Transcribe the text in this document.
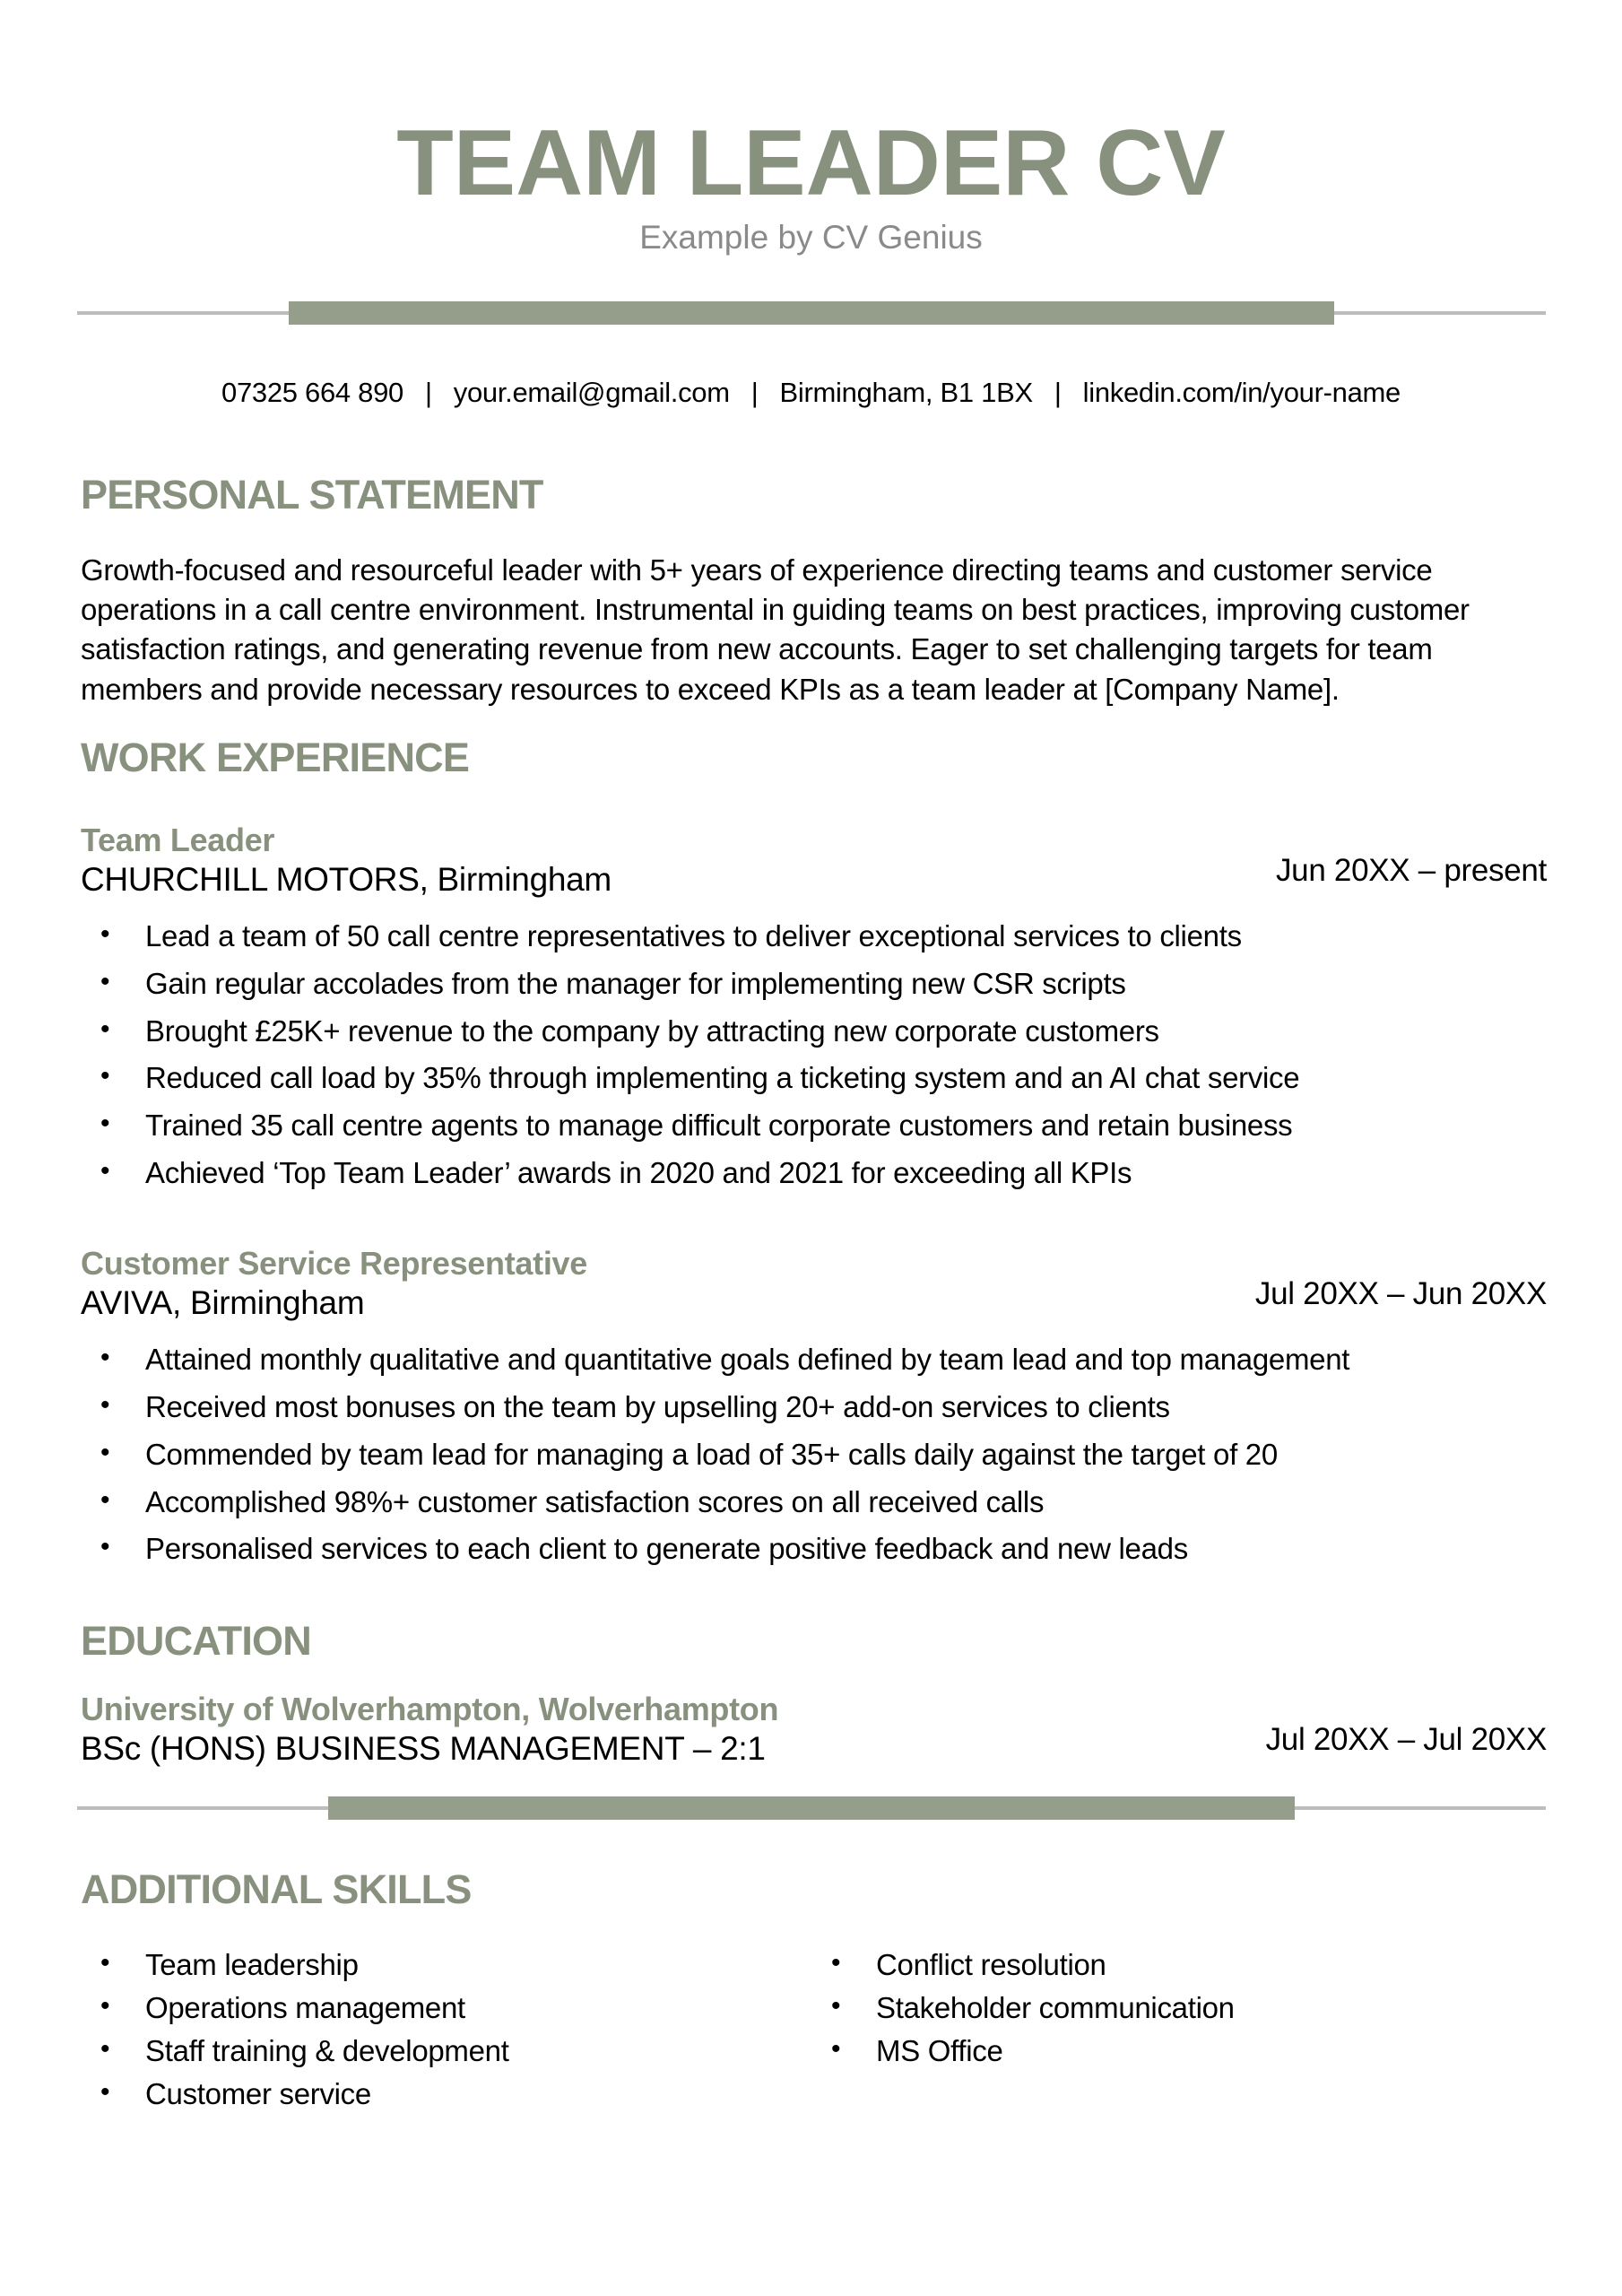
TEAM LEADER CV
Example by CV Genius
07325 664 890 | your.email@gmail.com | Birmingham, B1 1BX | linkedin.com/in/your-name
PERSONAL STATEMENT

Growth-focused and resourceful leader with 5+ years of experience directing teams and customer service operations in a call centre environment. Instrumental in guiding teams on best practices, improving customer satisfaction ratings, and generating revenue from new accounts. Eager to set challenging targets for team members and provide necessary resources to exceed KPIs as a team leader at [Company Name].

WORK EXPERIENCE
Team Leader
CHURCHILL MOTORS, Birmingham	Jun 20XX – present
•	Lead a team of 50 call centre representatives to deliver exceptional services to clients
•	Gain regular accolades from the manager for implementing new CSR scripts
•	Brought £25K+ revenue to the company by attracting new corporate customers
•	Reduced call load by 35% through implementing a ticketing system and an AI chat service
•	Trained 35 call centre agents to manage difficult corporate customers and retain business
•	Achieved ‘Top Team Leader’ awards in 2020 and 2021 for exceeding all KPIs
Customer Service Representative
AVIVA, Birmingham	Jul 20XX – Jun 20XX
•	Attained monthly qualitative and quantitative goals defined by team lead and top management
•	Received most bonuses on the team by upselling 20+ add-on services to clients
•	Commended by team lead for managing a load of 35+ calls daily against the target of 20
•	Accomplished 98%+ customer satisfaction scores on all received calls
•	Personalised services to each client to generate positive feedback and new leads
EDUCATION
University of Wolverhampton, Wolverhampton
BSc (HONS) BUSINESS MANAGEMENT – 2:1	Jul 20XX – Jul 20XX
ADDITIONAL SKILLS
•	Team leadership
•	Operations management
•	Staff training & development
•	Customer service
•	Conflict resolution
•	Stakeholder communication
•	MS Office
